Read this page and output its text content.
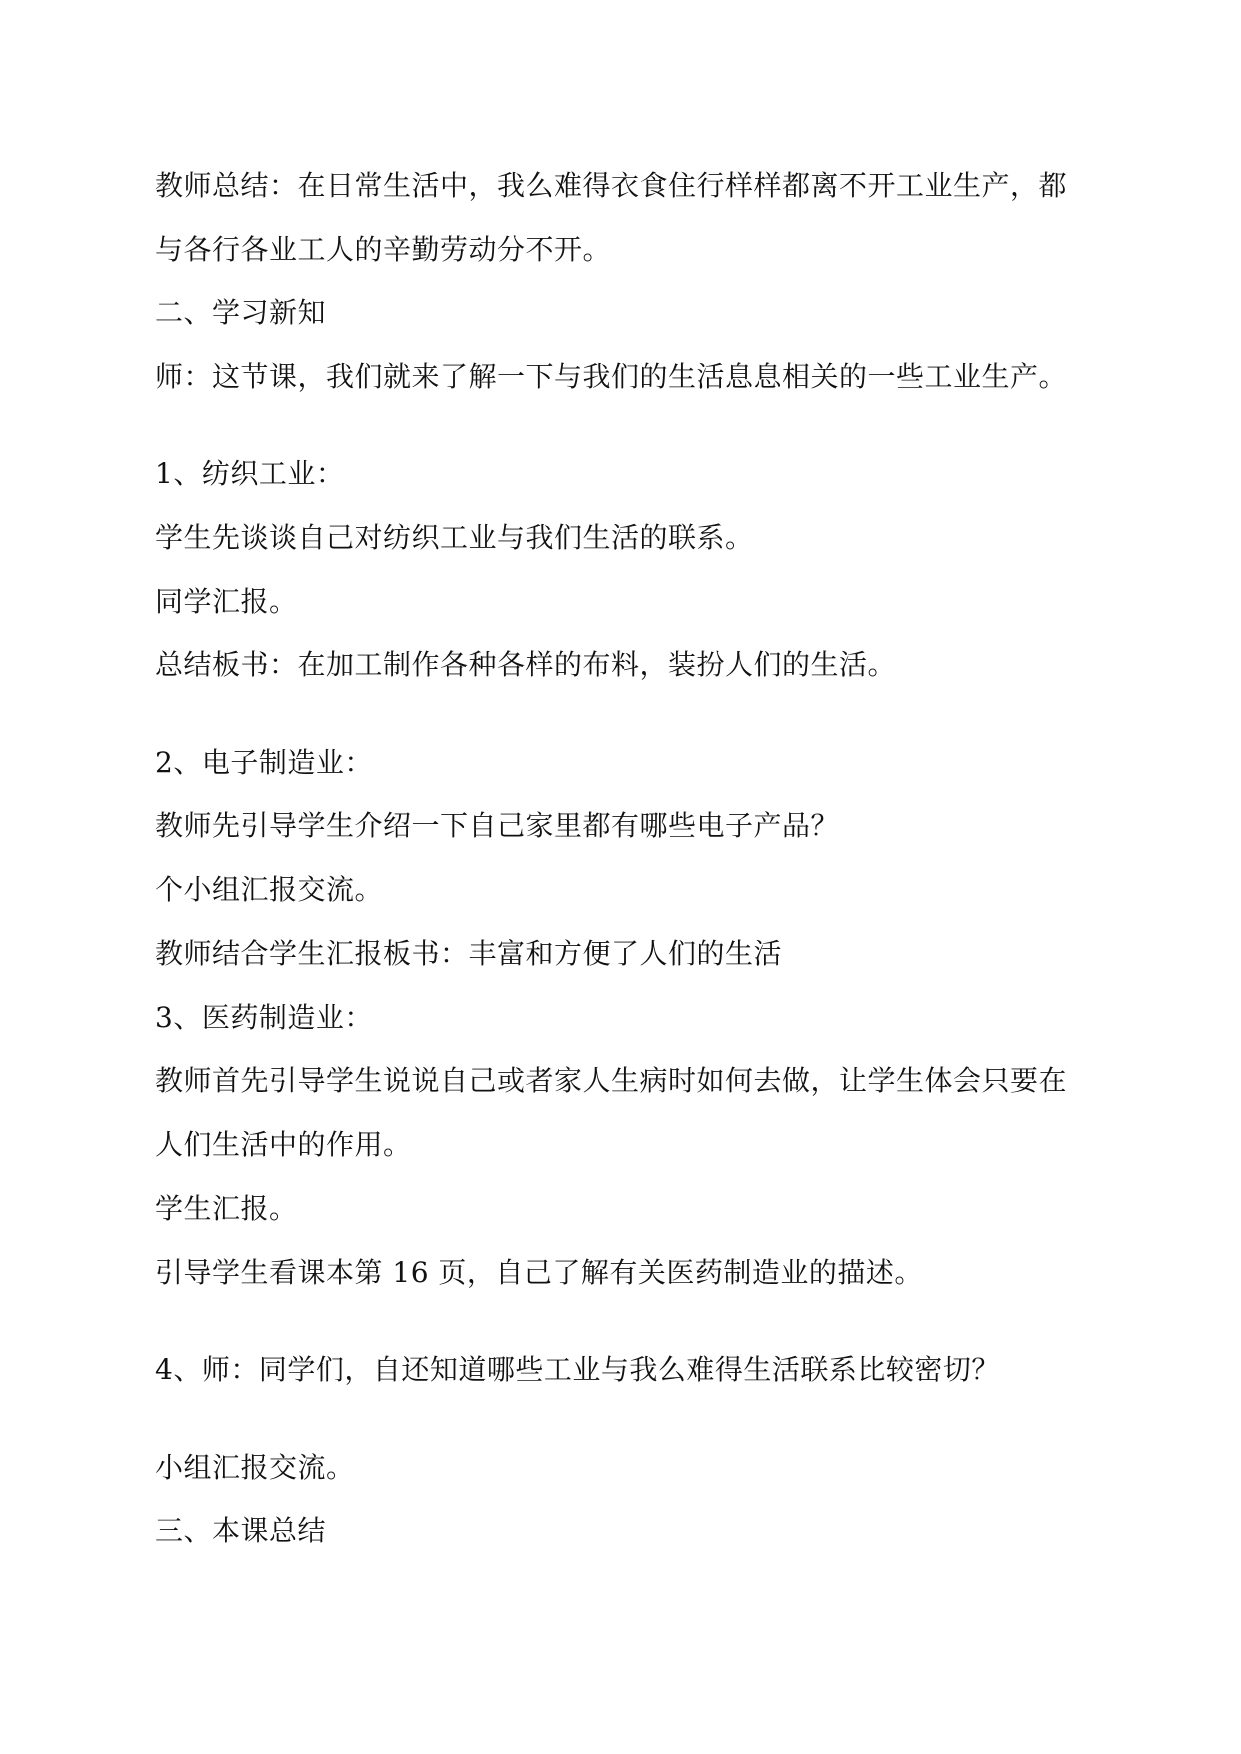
教师总结：在日常生活中，我么难得衣食住行样样都离不开工业生产，都

与各行各业工人的辛勤劳动分不开。

二、学习新知

师：这节课，我们就来了解一下与我们的生活息息相关的一些工业生产。

1、纺织工业：

学生先谈谈自己对纺织工业与我们生活的联系。

同学汇报。

总结板书：在加工制作各种各样的布料，装扮人们的生活。

2、电子制造业：

教师先引导学生介绍一下自己家里都有哪些电子产品？

个小组汇报交流。

教师结合学生汇报板书：丰富和方便了人们的生活

3、医药制造业：

教师首先引导学生说说自己或者家人生病时如何去做，让学生体会只要在

人们生活中的作用。

学生汇报。

引导学生看课本第 16 页，自己了解有关医药制造业的描述。

4、师：同学们，自还知道哪些工业与我么难得生活联系比较密切？

小组汇报交流。

三、本课总结
